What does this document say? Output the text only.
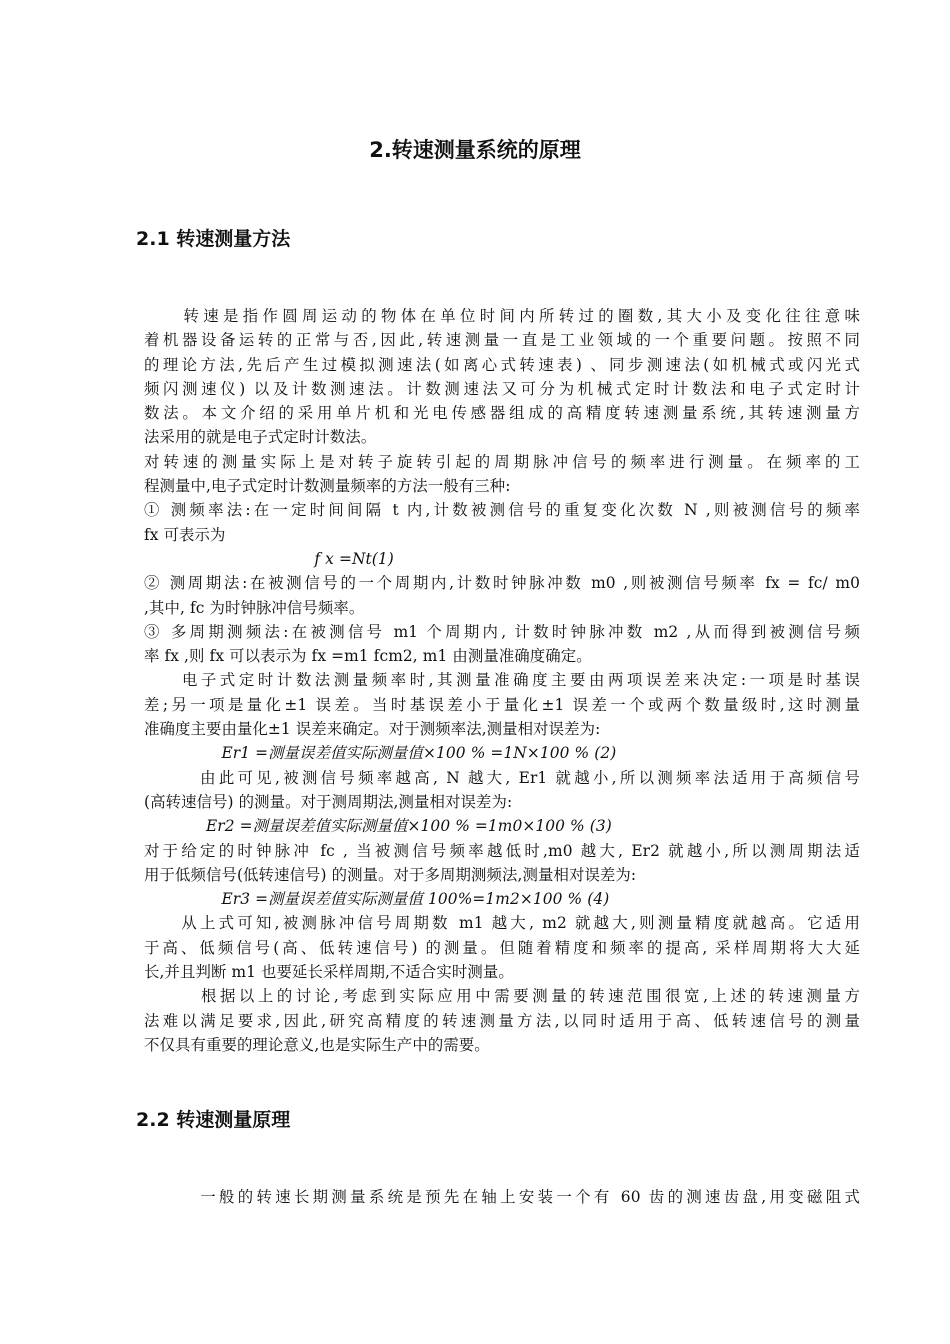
2.转速测量系统的原理
2.1 转速测量方法

　　转速是指作圆周运动的物体在单位时间内所转过的圈数,其大小及变化往往意味

着机器设备运转的正常与否,因此,转速测量一直是工业领域的一个重要问题。按照不同

的理论方法,先后产生过模拟测速法(如离心式转速表) 、同步测速法(如机械式或闪光式

频闪测速仪) 以及计数测速法。计数测速法又可分为机械式定时计数法和电子式定时计

数法。本文介绍的采用单片机和光电传感器组成的高精度转速测量系统,其转速测量方

法采用的就是电子式定时计数法。

对转速的测量实际上是对转子旋转引起的周期脉冲信号的频率进行测量。在频率的工

程测量中,电子式定时计数测量频率的方法一般有三种:

① 测频率法:在一定时间间隔 t 内,计数被测信号的重复变化次数 N ,则被测信号的频率

fx 可表示为

　　　　　　　　　　　f x =Nt(1)

② 测周期法:在被测信号的一个周期内,计数时钟脉冲数 m0 ,则被测信号频率 fx = fc/ m0

,其中, fc 为时钟脉冲信号频率。

③ 多周期测频法:在被测信号 m1 个周期内, 计数时钟脉冲数 m2 ,从而得到被测信号频

率 fx ,则 fx 可以表示为 fx =m1 fcm2, m1 由测量准确度确定。

　　电子式定时计数法测量频率时,其测量准确度主要由两项误差来决定:一项是时基误

差;另一项是量化±1 误差。当时基误差小于量化±1 误差一个或两个数量级时,这时测量

准确度主要由量化±1 误差来确定。对于测频率法,测量相对误差为:

　　　　　Er1 =测量误差值实际测量值×100 % =1N×100 % (2)

　　　由此可见,被测信号频率越高, N 越大, Er1 就越小,所以测频率法适用于高频信号

(高转速信号) 的测量。对于测周期法,测量相对误差为:

　　　　Er2 =测量误差值实际测量值×100 % =1m0×100 % (3)

对于给定的时钟脉冲 fc , 当被测信号频率越低时,m0 越大, Er2 就越小,所以测周期法适

用于低频信号(低转速信号) 的测量。对于多周期测频法,测量相对误差为:

　　　　　Er3 =测量误差值实际测量值 100%=1m2×100 % (4)

　　从上式可知,被测脉冲信号周期数 m1 越大, m2 就越大,则测量精度就越高。它适用

于高、低频信号(高、低转速信号) 的测量。但随着精度和频率的提高, 采样周期将大大延

长,并且判断 m1 也要延长采样周期,不适合实时测量。

　　　根据以上的讨论,考虑到实际应用中需要测量的转速范围很宽,上述的转速测量方

法难以满足要求,因此,研究高精度的转速测量方法,以同时适用于高、低转速信号的测量

不仅具有重要的理论意义,也是实际生产中的需要。

2.2 转速测量原理

　　　一般的转速长期测量系统是预先在轴上安装一个有 60 齿的测速齿盘,用变磁阻式
